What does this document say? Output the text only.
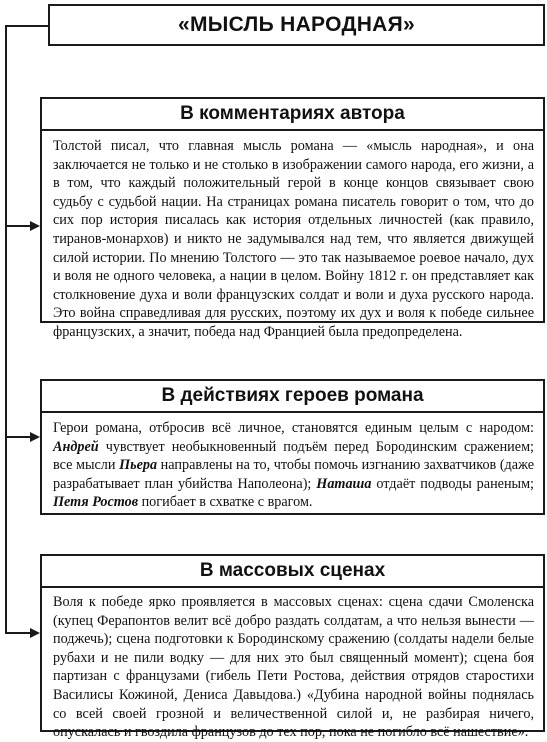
«МЫСЛЬ НАРОДНАЯ»
В комментариях автора
Толстой писал, что главная мысль романа — «мысль народная», и она заключается не только и не столько в изображении самого народа, его жизни, а в том, что каждый положительный герой в конце концов связывает свою судьбу с судьбой нации. На страницах романа писатель говорит о том, что до сих пор история писалась как история отдельных личностей (как правило, тиранов-монархов) и никто не задумывался над тем, что является движущей силой истории. По мнению Толстого — это так называемое роевое начало, дух и воля не одного человека, а нации в целом. Войну 1812 г. он представляет как столкновение духа и воли французских солдат и воли и духа русского народа. Это война справедливая для русских, поэтому их дух и воля к победе сильнее французских, а значит, победа над Францией была предопределена.
В действиях героев романа
Герои романа, отбросив всё личное, становятся единым целым с народом: Андрей чувствует необыкновенный подъём перед Бородинским сражением; все мысли Пьера направлены на то, чтобы помочь изгнанию захватчиков (даже разрабатывает план убийства Наполеона); Наташа отдаёт подводы раненым; Петя Ростов погибает в схватке с врагом.
В массовых сценах
Воля к победе ярко проявляется в массовых сценах: сцена сдачи Смоленска (купец Ферапонтов велит всё добро раздать солдатам, а что нельзя вынести — поджечь); сцена подготовки к Бородинскому сражению (солдаты надели белые рубахи и не пили водку — для них это был священный момент); сцена боя партизан с французами (гибель Пети Ростова, действия отрядов старостихи Василисы Кожиной, Дениса Давыдова.) «Дубина народной войны поднялась со всей своей грозной и величественной силой и, не разбирая ничего, опускалась и гвоздила французов до тех пор, пока не погибло всё нашествие».
